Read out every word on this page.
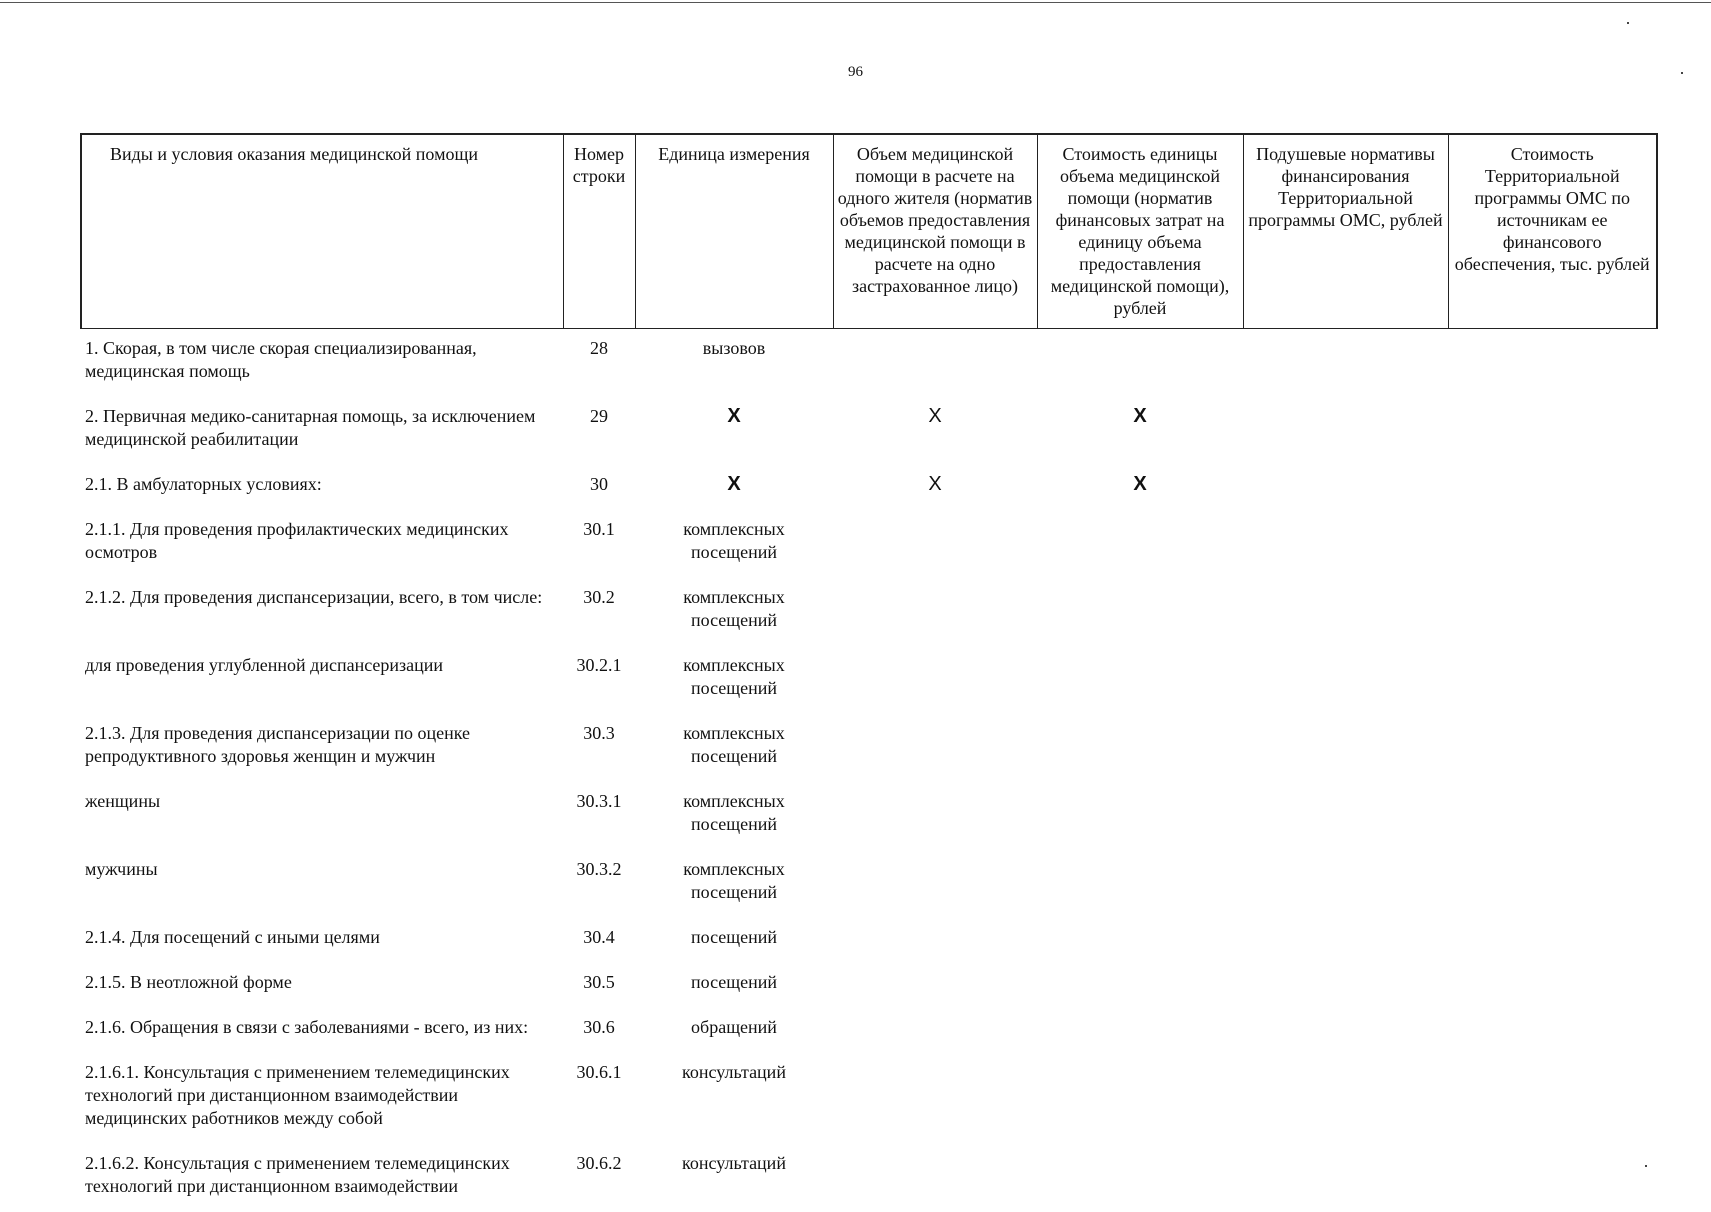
96
Виды и условия оказания медицинской помощи	Номер строки	Единица измерения	Объем медицинской помощи в расчете на одного жителя (норматив объемов предоставления медицинской помощи в расчете на одно застрахованное лицо)	Стоимость единицы объема медицинской помощи (норматив финансовых затрат на единицу объема предоставления медицинской помощи), рублей	Подушевые нормативы финансирования Территориальной программы ОМС, рублей	Стоимость Территориальной программы ОМС по источникам ее финансового обеспечения, тыс. рублей
1. Скорая, в том числе скорая специализированная, медицинская помощь	28	вызовов				
2. Первичная медико-санитарная помощь, за исключением медицинской реабилитации	29	X	X	X		
2.1. В амбулаторных условиях:	30	X	X	X		
2.1.1. Для проведения профилактических медицинских осмотров	30.1	комплексных посещений				
2.1.2. Для проведения диспансеризации, всего, в том числе:	30.2	комплексных посещений				
для проведения углубленной диспансеризации	30.2.1	комплексных посещений				
2.1.3. Для проведения диспансеризации по оценке репродуктивного здоровья женщин и мужчин	30.3	комплексных посещений				
женщины	30.3.1	комплексных посещений				
мужчины	30.3.2	комплексных посещений				
2.1.4. Для посещений с иными целями	30.4	посещений				
2.1.5. В неотложной форме	30.5	посещений				
2.1.6. Обращения в связи с заболеваниями - всего, из них:	30.6	обращений				
2.1.6.1. Консультация с применением телемедицинских технологий при дистанционном взаимодействии медицинских работников между собой	30.6.1	консультаций				
2.1.6.2. Консультация с применением телемедицинских технологий при дистанционном взаимодействии	30.6.2	консультаций				
